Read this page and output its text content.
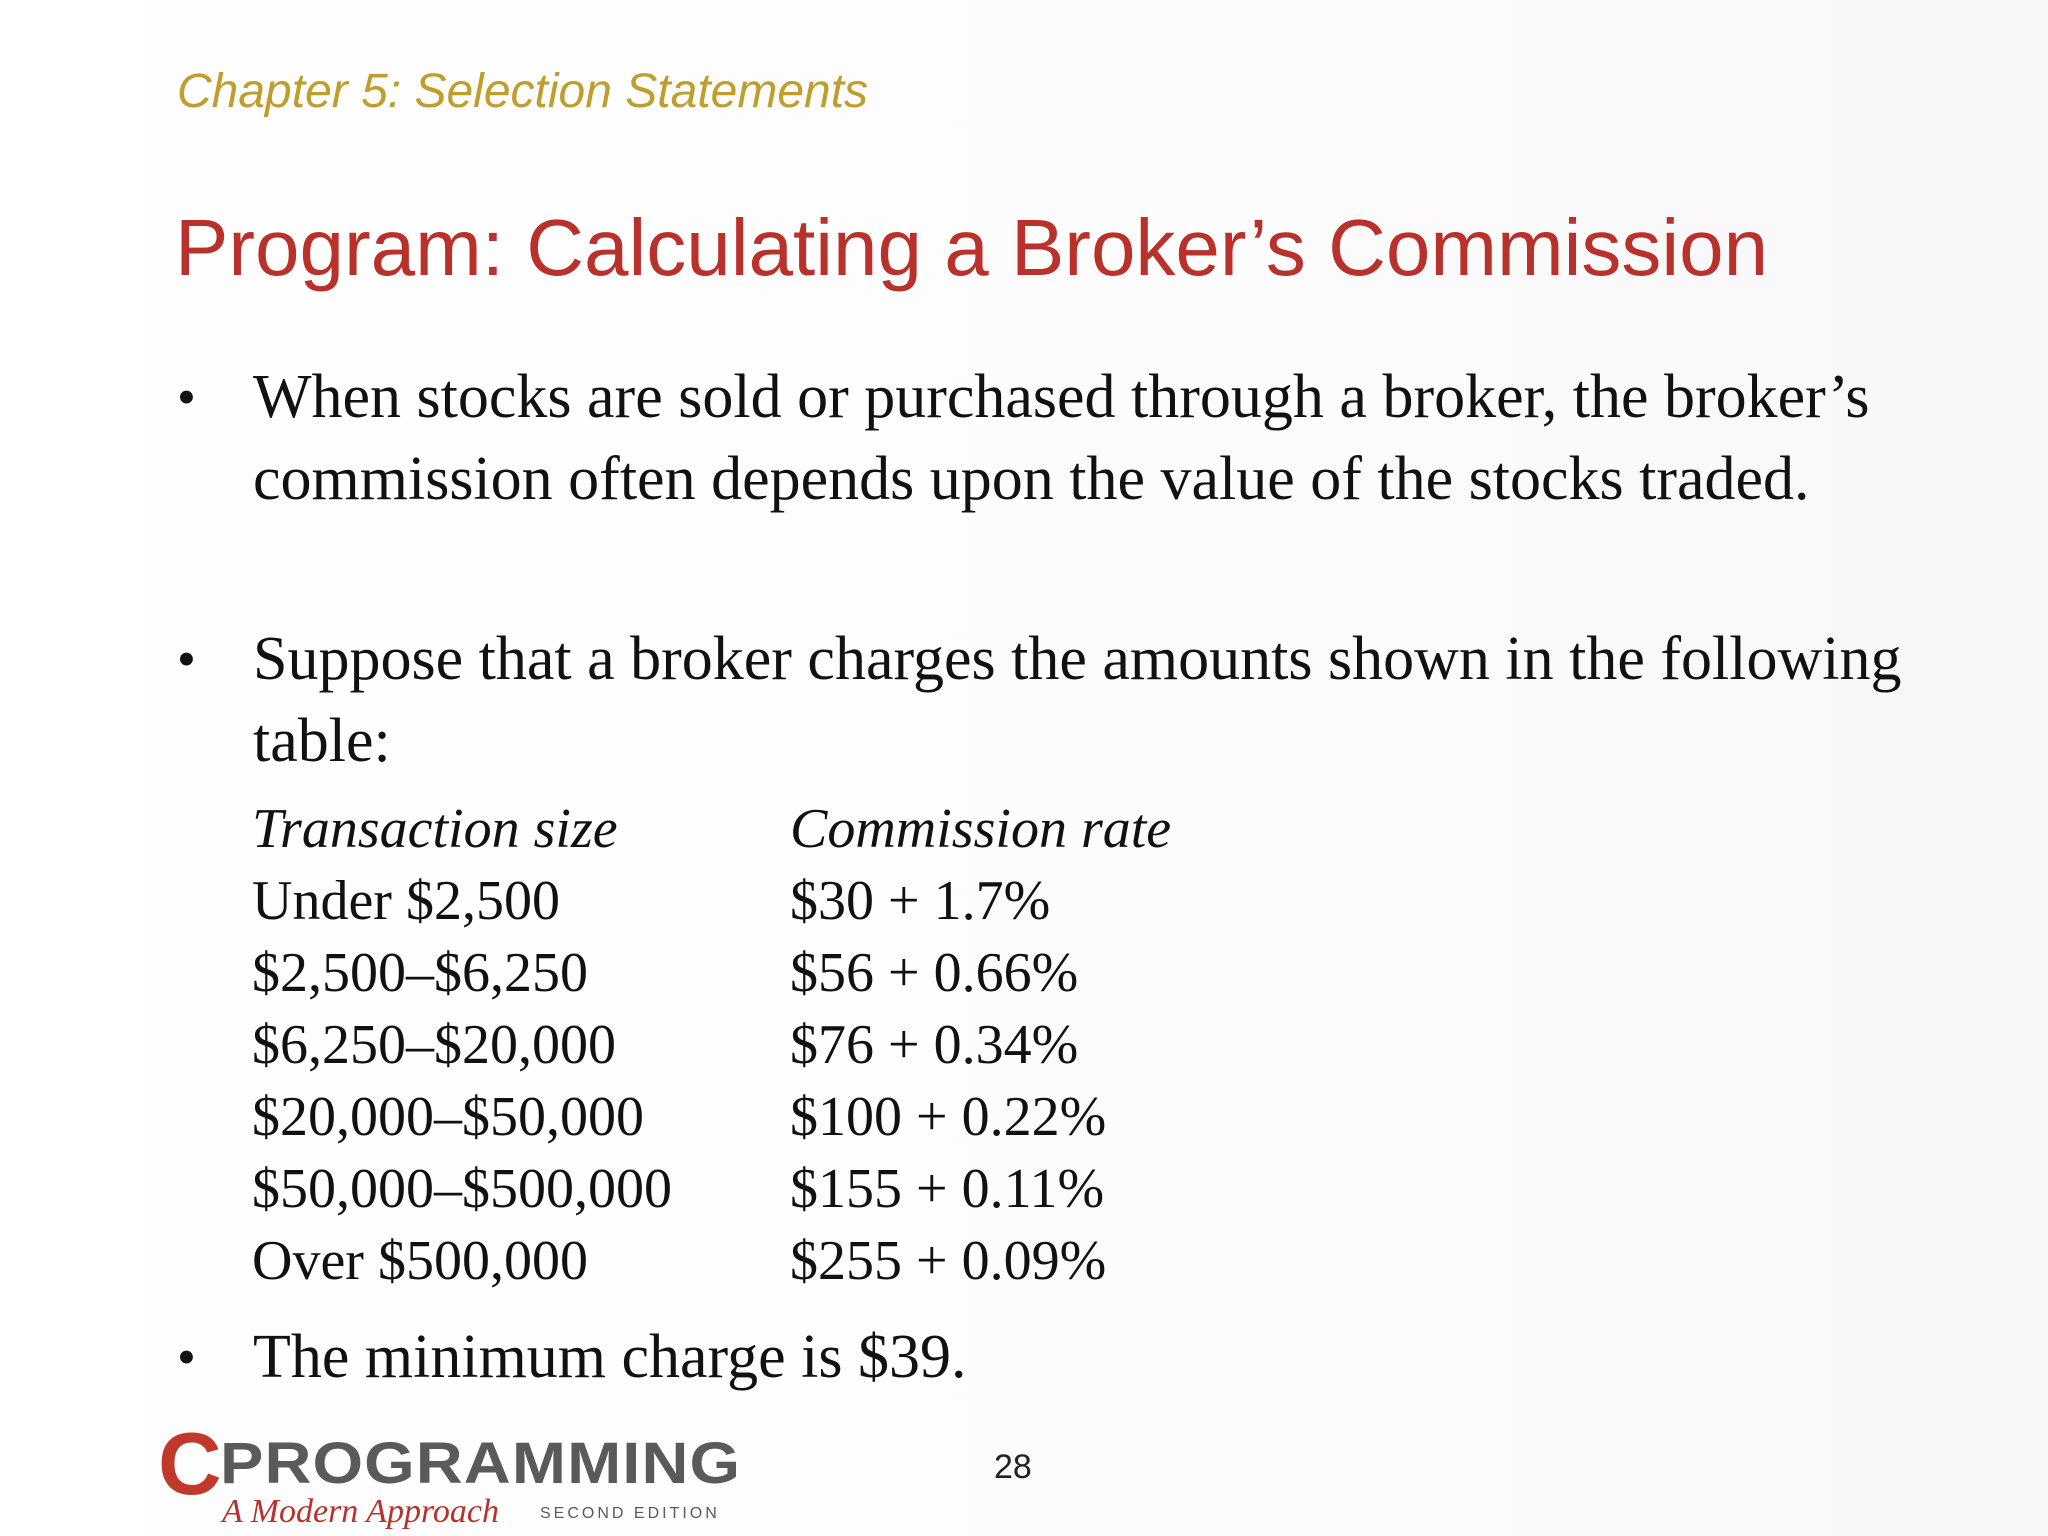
Chapter 5: Selection Statements
Program: Calculating a Broker’s Commission
• When stocks are sold or purchased through a broker, the broker’s commission often depends upon the value of the stocks traded.
• Suppose that a broker charges the amounts shown in the following table:
Transaction size	Commission rate
Under $2,500	$30 + 1.7%
$2,500–$6,250	$56 + 0.66%
$6,250–$20,000	$76 + 0.34%
$20,000–$50,000	$100 + 0.22%
$50,000–$500,000 $155 + 0.11%
Over $500,000	$255 + 0.09%
• The minimum charge is $39.
C
PROGRAMMING
A Modern Approach	SECOND EDITION
28
